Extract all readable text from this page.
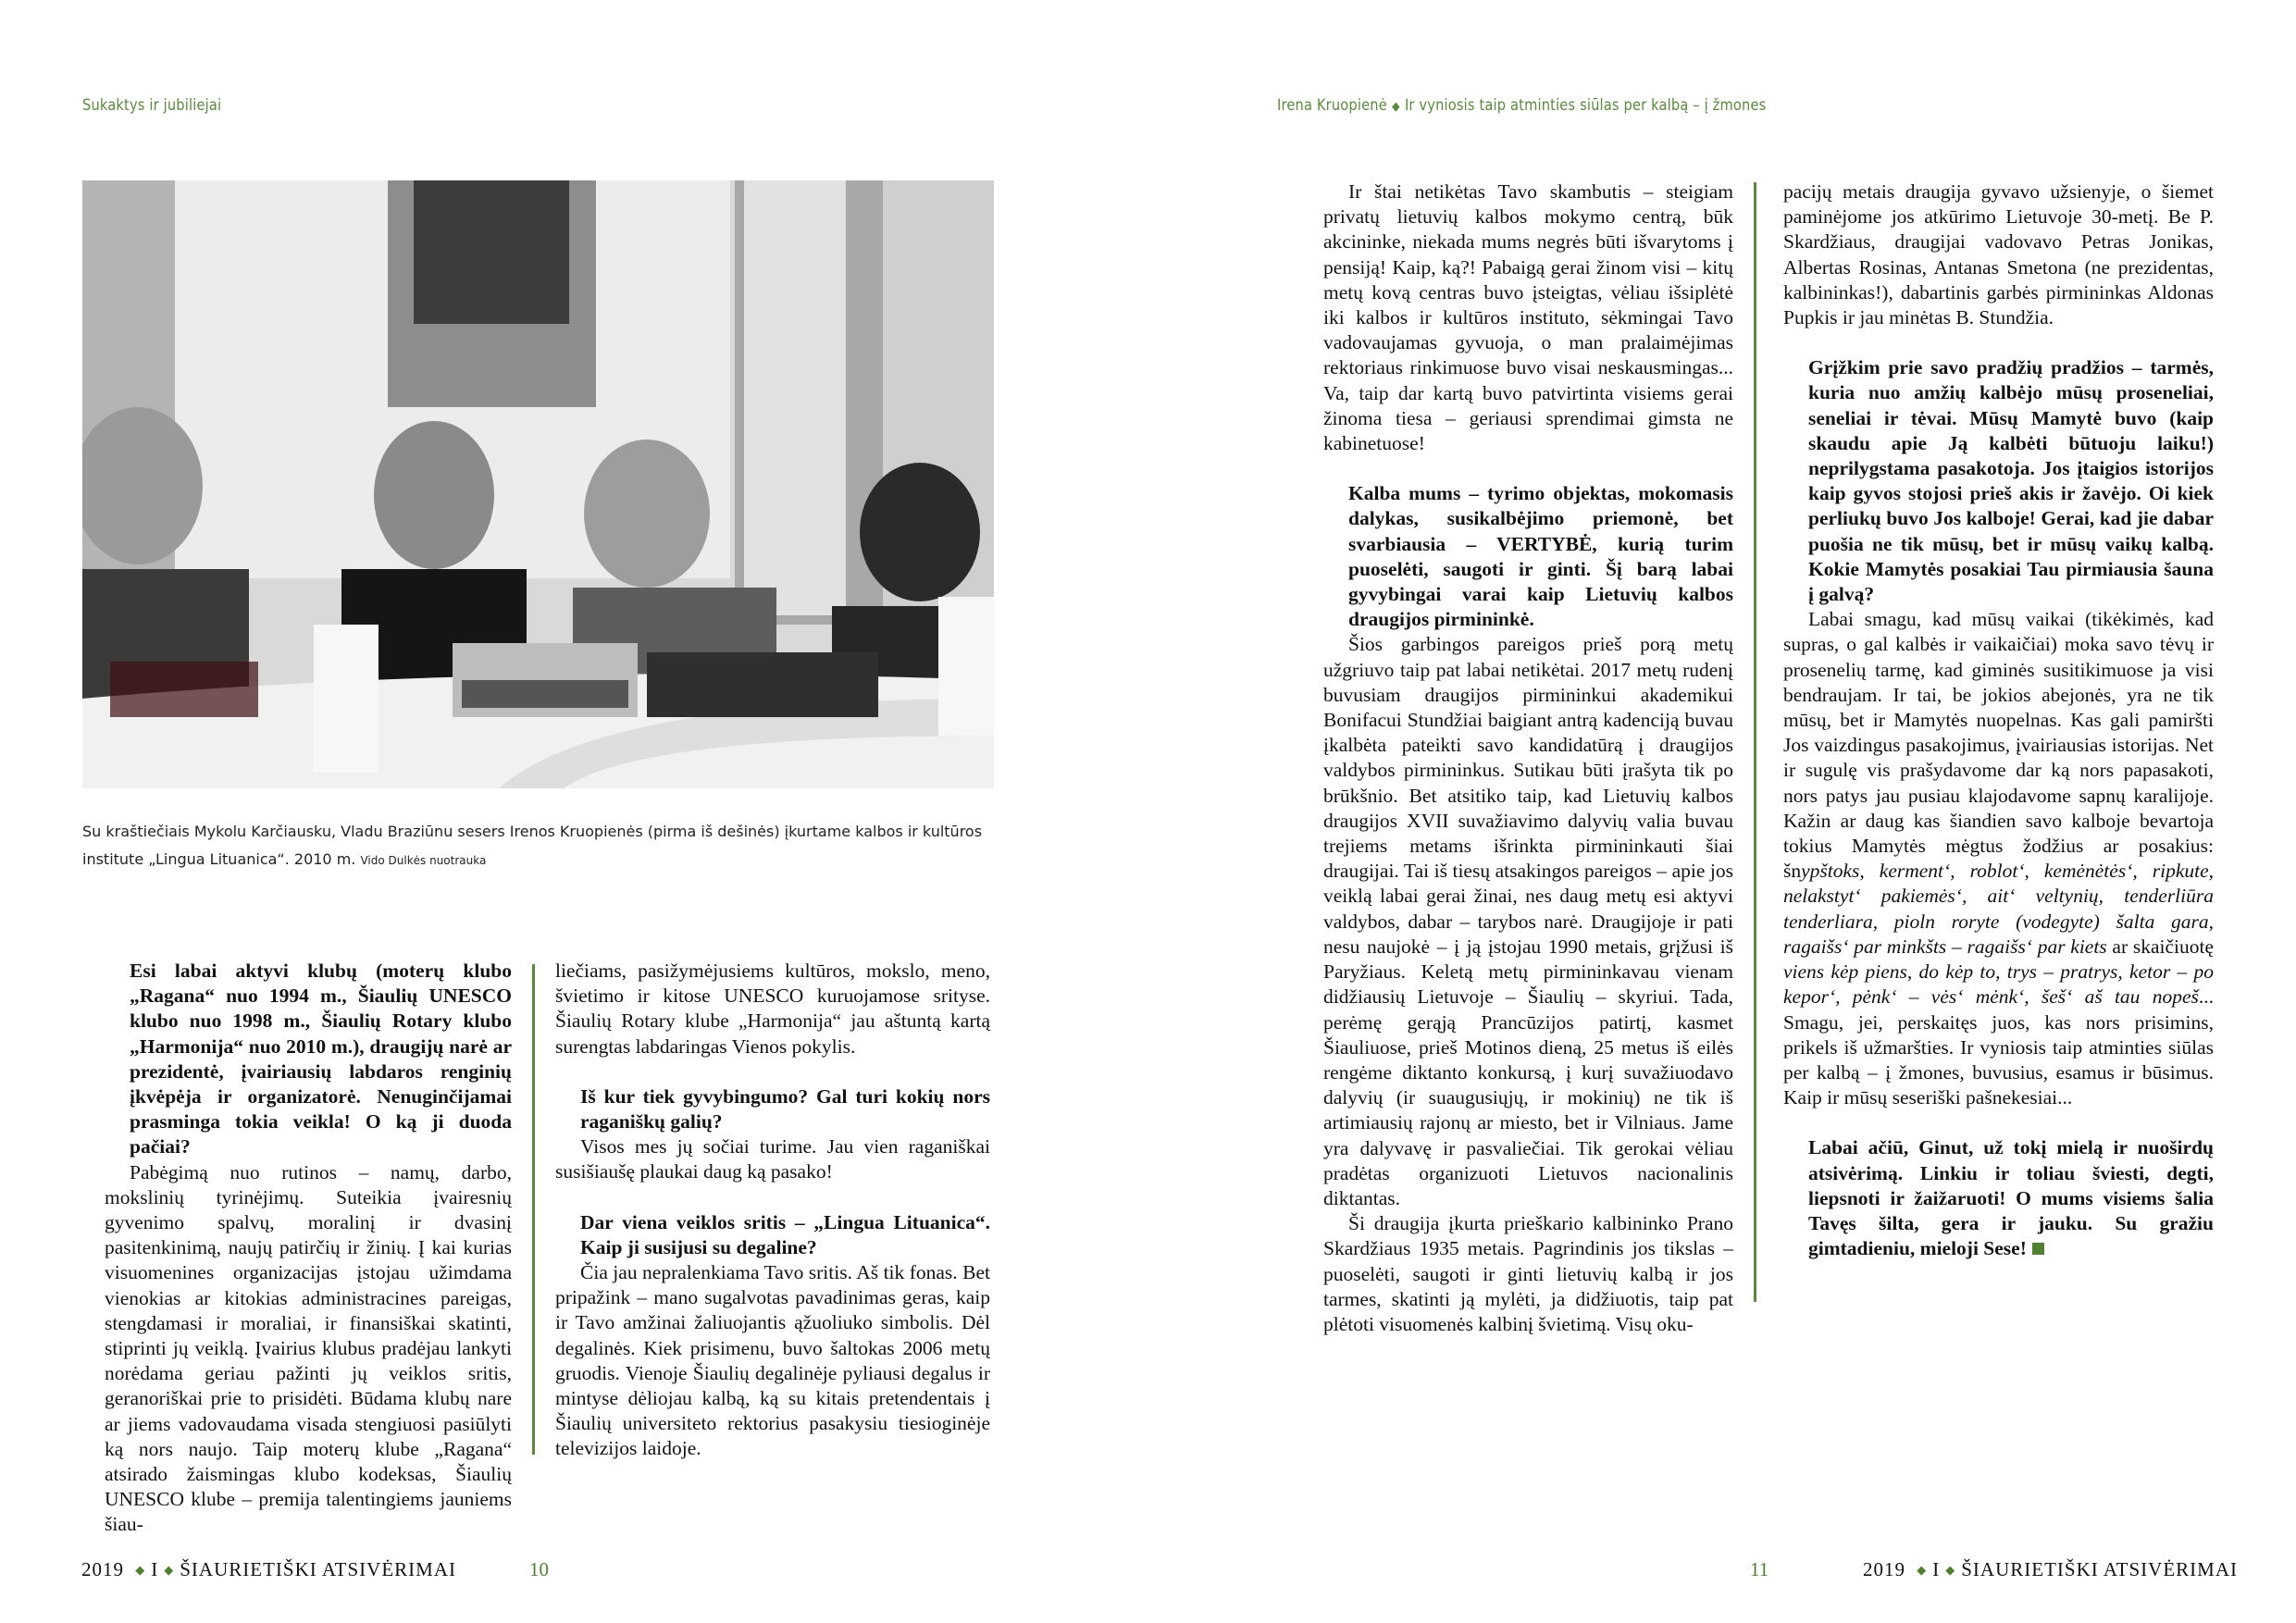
Sukaktys ir jubiliejai
Su kraštiečiais Mykolu Karčiausku, Vladu Braziūnu sesers Irenos Kruopienės (pirma iš dešinės) įkurtame kalbos ir kultūros institute „Lingua Lituanica“. 2010 m. Vido Dulkės nuotrauka

Esi labai aktyvi klubų (moterų klubo „Ragana“ nuo 1994 m., Šiaulių UNESCO klubo nuo 1998 m., Šiaulių Rotary klubo „Harmonija“ nuo 2010 m.), draugijų narė ar prezidentė, įvairiausių labdaros renginių įkvėpėja ir organizatorė. Nenuginčijamai prasminga tokia veikla! O ką ji duoda pačiai?

Pabėgimą nuo rutinos – namų, darbo, mokslinių tyrinėjimų. Suteikia įvairesnių gyvenimo spalvų, moralinį ir dvasinį pasitenkinimą, naujų patirčių ir žinių. Į kai kurias visuomenines organizacijas įstojau užimdama vienokias ar kitokias administracines pareigas, stengdamasi ir moraliai, ir finansiškai skatinti, stiprinti jų veiklą. Įvairius klubus pradėjau lankyti norėdama geriau pažinti jų veiklos sritis, geranoriškai prie to prisidėti. Būdama klubų nare ar jiems vadovaudama visada stengiuosi pasiūlyti ką nors naujo. Taip moterų klube „Ragana“ atsirado žaismingas klubo kodeksas, Šiaulių UNESCO klube – premija talentingiems jauniems šiau-

liečiams, pasižymėjusiems kultūros, mokslo, meno, švietimo ir kitose UNESCO kuruojamose srityse. Šiaulių Rotary klube „Harmonija“ jau aštuntą kartą surengtas labdaringas Vienos pokylis.

Iš kur tiek gyvybingumo? Gal turi kokių nors raganiškų galių?

Visos mes jų sočiai turime. Jau vien raganiškai susišiaušę plaukai daug ką pasako!

Dar viena veiklos sritis – „Lingua Lituanica“. Kaip ji susijusi su degaline?

Čia jau nepralenkiama Tavo sritis. Aš tik fonas. Bet pripažink – mano sugalvotas pavadinimas geras, kaip ir Tavo amžinai žaliuojantis ąžuoliuko simbolis. Dėl degalinės. Kiek prisimenu, buvo šaltokas 2006 metų gruodis. Vienoje Šiaulių degalinėje pyliausi degalus ir mintyse dėliojau kalbą, ką su kitais pretendentais į Šiaulių universiteto rektorius pasakysiu tiesioginėje televizijos laidoje.

2019 ◆ I ◆ ŠIAURIETIŠKI ATSIVĖRIMAI	10
Irena Kruopienė ◆ Ir vyniosis taip atminties siūlas per kalbą – į žmones

Ir štai netikėtas Tavo skambutis – steigiam privatų lietuvių kalbos mokymo centrą, būk akcininke, niekada mums negrės būti išvarytoms į pensiją! Kaip, ką?! Pabaigą gerai žinom visi – kitų metų kovą centras buvo įsteigtas, vėliau išsiplėtė iki kalbos ir kultūros instituto, sėkmingai Tavo vadovaujamas gyvuoja, o man pralaimėjimas rektoriaus rinkimuose buvo visai neskausmingas... Va, taip dar kartą buvo patvirtinta visiems gerai žinoma tiesa – geriausi sprendimai gimsta ne kabinetuose!

Kalba mums – tyrimo objektas, mokomasis dalykas, susikalbėjimo priemonė, bet svarbiausia – VERTYBĖ, kurią turim puoselėti, saugoti ir ginti. Šį barą labai gyvybingai varai kaip Lietuvių kalbos draugijos pirmininkė.

Šios garbingos pareigos prieš porą metų užgriuvo taip pat labai netikėtai. 2017 metų rudenį buvusiam draugijos pirmininkui akademikui Bonifacui Stundžiai baigiant antrą kadenciją buvau įkalbėta pateikti savo kandidatūrą į draugijos valdybos pirmininkus. Sutikau būti įrašyta tik po brūkšnio. Bet atsitiko taip, kad Lietuvių kalbos draugijos XVII suvažiavimo dalyvių valia buvau trejiems metams išrinkta pirmininkauti šiai draugijai. Tai iš tiesų atsakingos pareigos – apie jos veiklą labai gerai žinai, nes daug metų esi aktyvi valdybos, dabar – tarybos narė. Draugijoje ir pati nesu naujokė – į ją įstojau 1990 metais, grįžusi iš Paryžiaus. Keletą metų pirmininkavau vienam didžiausių Lietuvoje – Šiaulių – skyriui. Tada, perėmę gerąją Prancūzijos patirtį, kasmet Šiauliuose, prieš Motinos dieną, 25 metus iš eilės rengėme diktanto konkursą, į kurį suvažiuodavo dalyvių (ir suaugusiųjų, ir mokinių) ne tik iš artimiausių rajonų ar miesto, bet ir Vilniaus. Jame yra dalyvavę ir pasvaliečiai. Tik gerokai vėliau pradėtas organizuoti Lietuvos nacionalinis diktantas.

Ši draugija įkurta prieškario kalbininko Prano Skardžiaus 1935 metais. Pagrindinis jos tikslas – puoselėti, saugoti ir ginti lietuvių kalbą ir jos tarmes, skatinti ją mylėti, ja didžiuotis, taip pat plėtoti visuomenės kalbinį švietimą. Visų oku-

pacijų metais draugija gyvavo užsienyje, o šiemet paminėjome jos atkūrimo Lietuvoje 30-metį. Be P. Skardžiaus, draugijai vadovavo Petras Jonikas, Albertas Rosinas, Antanas Smetona (ne prezidentas, kalbininkas!), dabartinis garbės pirmininkas Aldonas Pupkis ir jau minėtas B. Stundžia.

Grįžkim prie savo pradžių pradžios – tarmės, kuria nuo amžių kalbėjo mūsų proseneliai, seneliai ir tėvai. Mūsų Mamytė buvo (kaip skaudu apie Ją kalbėti būtuoju laiku!) neprilygstama pasakotoja. Jos įtaigios istorijos kaip gyvos stojosi prieš akis ir žavėjo. Oi kiek perliukų buvo Jos kalboje! Gerai, kad jie dabar puošia ne tik mūsų, bet ir mūsų vaikų kalbą. Kokie Mamytės posakiai Tau pirmiausia šauna į galvą?

Labai smagu, kad mūsų vaikai (tikėkimės, kad supras, o gal kalbės ir vaikaičiai) moka savo tėvų ir prosenelių tarmę, kad giminės susitikimuose ja visi bendraujam. Ir tai, be jokios abejonės, yra ne tik mūsų, bet ir Mamytės nuopelnas. Kas gali pamiršti Jos vaizdingus pasakojimus, įvairiausias istorijas. Net ir sugulę vis prašydavome dar ką nors papasakoti, nors patys jau pusiau klajodavome sapnų karalijoje. Kažin ar daug kas šiandien savo kalboje bevartoja tokius Mamytės mėgtus žodžius ar posakius: šnypštoks, kerment‘, roblot‘, kemėnėtės‘, ripkute, nelakstyt‘ pakiemės‘, ait‘ veltynių, tenderliūra tenderliara, pioln roryte (vodegyte) šalta gara, ragaišs‘ par minkšts – ragaišs‘ par kiets ar skaičiuotę viens kėp piens, do kėp to, trys – pratrys, ketor – po kepor‘, pėnk‘ – vės‘ mėnk‘, šeš‘ aš tau nopeš... Smagu, jei, perskaitęs juos, kas nors prisimins, prikels iš užmaršties. Ir vyniosis taip atminties siūlas per kalbą – į žmones, buvusius, esamus ir būsimus. Kaip ir mūsų seseriški pašnekesiai...

Labai ačiū, Ginut, už tokį mielą ir nuoširdų atsivėrimą. Linkiu ir toliau šviesti, degti, liepsnoti ir žaižaruoti! O mums visiems šalia Tavęs šilta, gera ir jauku. Su gražiu gimtadieniu, mieloji Sese!

11	2019 ◆ I ◆ ŠIAURIETIŠKI ATSIVĖRIMAI
